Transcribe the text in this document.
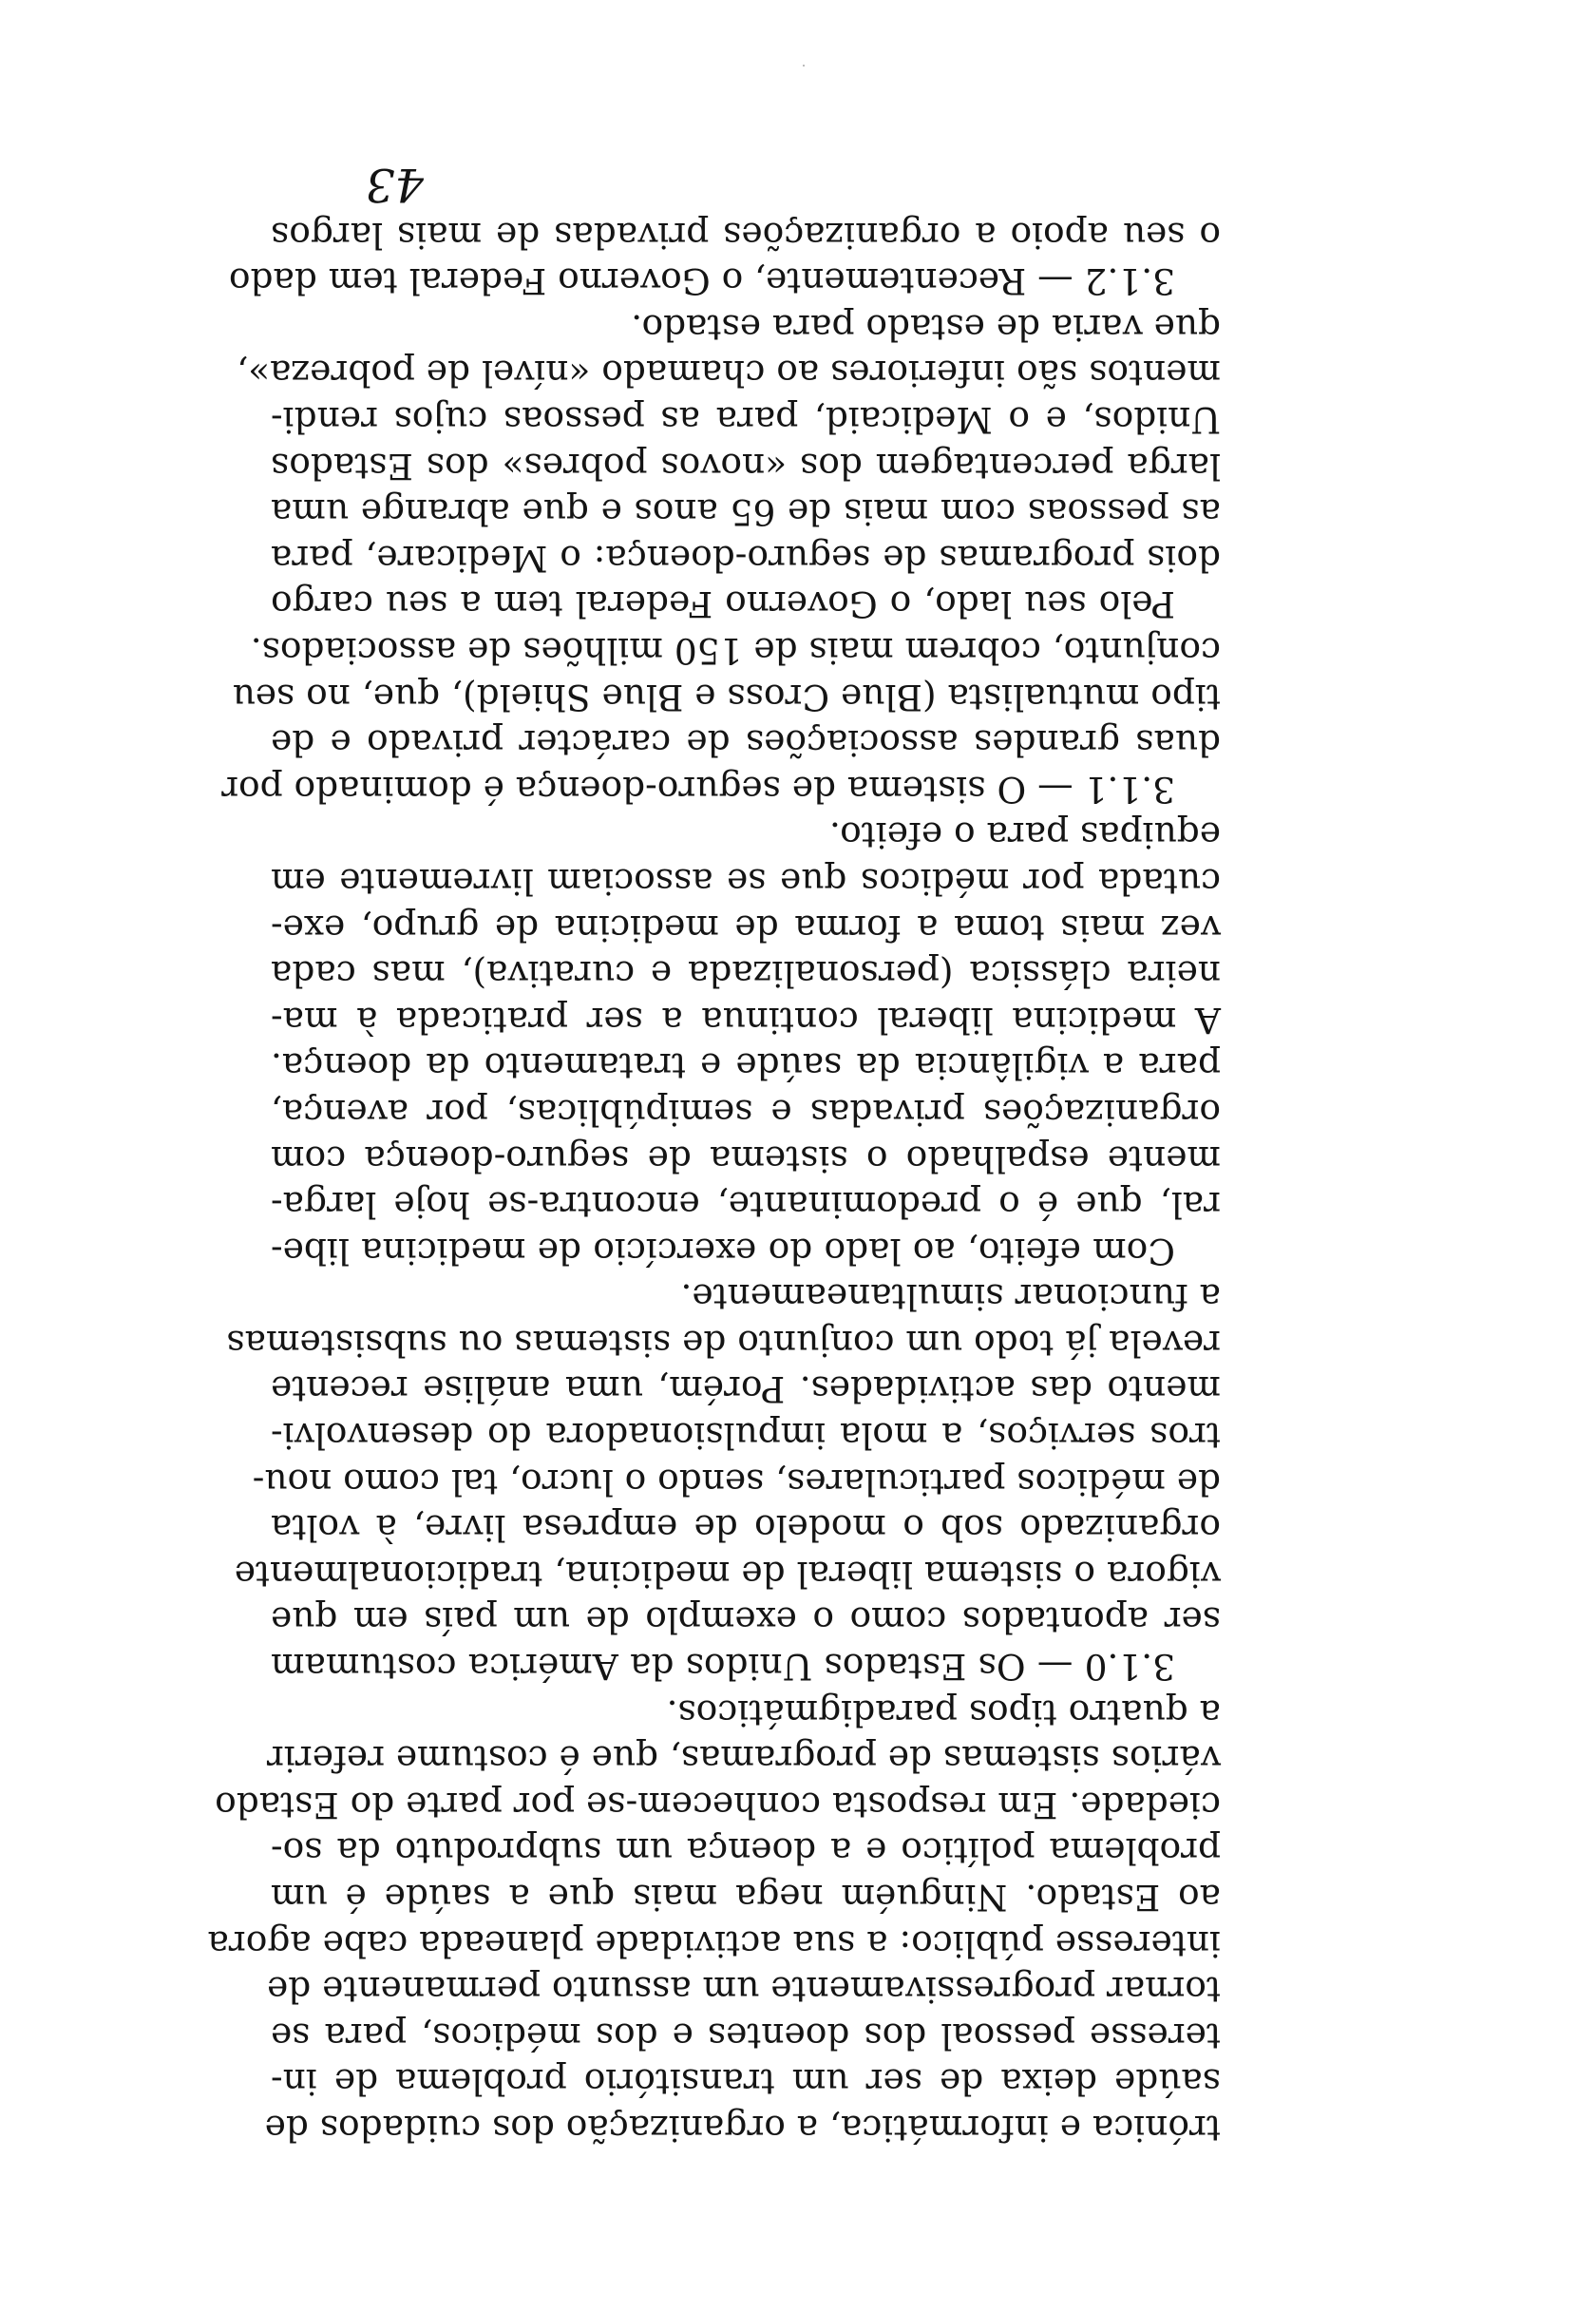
trónica e informática, a organização dos cuidados de
saúde deixa de ser um transitório problema de in-
teresse pessoal dos doentes e dos médicos, para se
tornar progressivamente um assunto permanente de
interesse público: a sua actividade planeada cabe agora
ao Estado. Ninguém nega mais que a saúde é um
problema político e a doença um subproduto da so-
ciedade. Em resposta conhecem-se por parte do Estado
vários sistemas de programas, que é costume referir
a quatro tipos paradigmáticos.
3.1.0 — Os Estados Unidos da América costumam
ser apontados como o exemplo de um país em que
vigora o sistema liberal de medicina, tradicionalmente
organizado sob o modelo de empresa livre, à volta
de médicos particulares, sendo o lucro, tal como nou-
tros serviços, a mola impulsionadora do desenvolvi-
mento das actividades. Porém, uma análise recente
revela já todo um conjunto de sistemas ou subsistemas
a funcionar simultaneamente.
Com efeito, ao lado do exercício de medicina libe-
ral, que é o predominante, encontra-se hoje larga-
mente espalhado o sistema de seguro-doença com
organizações privadas e semipúblicas, por avença,
para a vigilância da saúde e tratamento da doença.
A medicina liberal continua a ser praticada à ma-
neira clássica (personalizada e curativa), mas cada
vez mais toma a forma de medicina de grupo, exe-
cutada por médicos que se associam livremente em
equipas para o efeito.
3.1.1 — O sistema de seguro-doença é dominado por
duas grandes associações de carácter privado e de
tipo mutualista (Blue Cross e Blue Shield), que, no seu
conjunto, cobrem mais de 150 milhões de associados.
Pelo seu lado, o Governo Federal tem a seu cargo
dois programas de seguro-doença: o Medicare, para
as pessoas com mais de 65 anos e que abrange uma
larga percentagem dos «novos pobres» dos Estados
Unidos, e o Medicaid, para as pessoas cujos rendi-
mentos são inferiores ao chamado «nível de pobreza»,
que varia de estado para estado.
3.1.2 — Recentemente, o Governo Federal tem dado
o seu apoio a organizações privadas de mais largos
43
